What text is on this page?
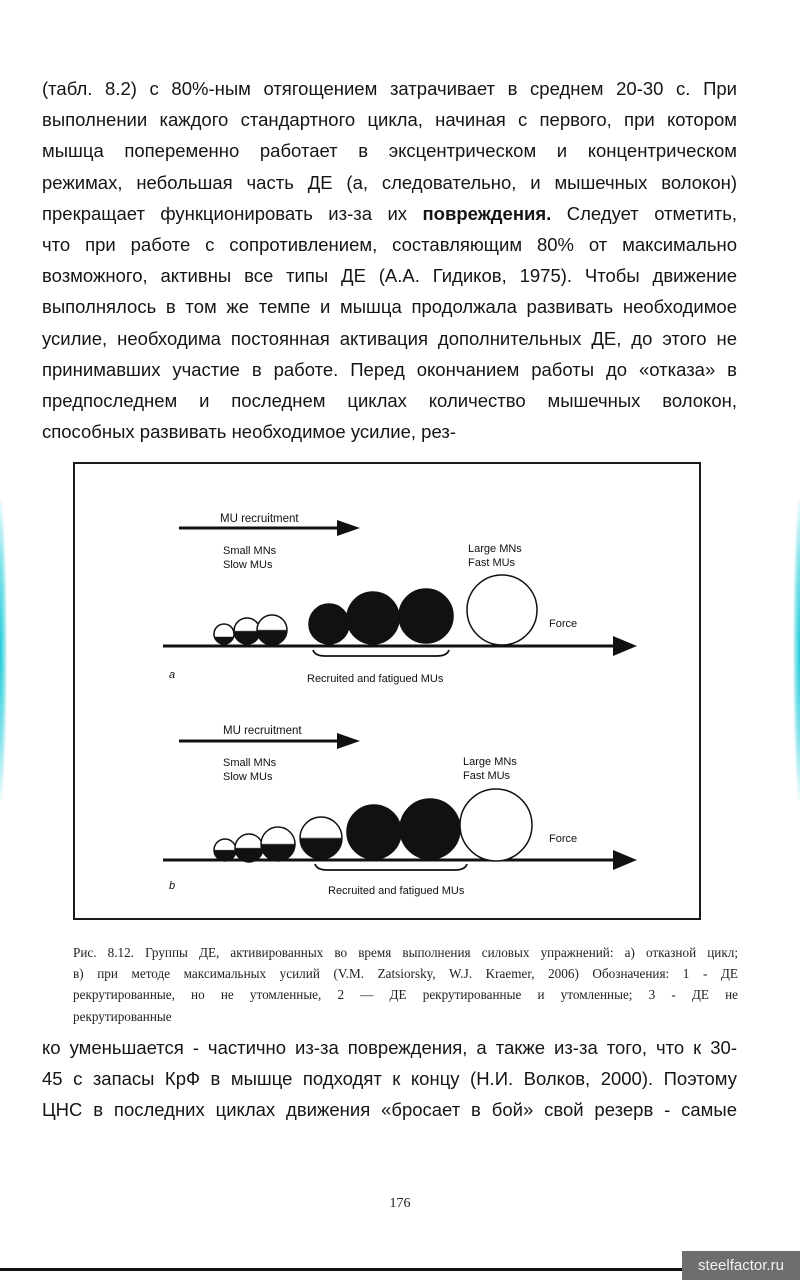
(табл. 8.2) с 80%-ным отягощением затрачивает в среднем 20-30 с. При
выполнении каждого стандартного цикла, начиная с первого, при котором
мышца попеременно работает в эксцентрическом и концентрическом
режимах, небольшая часть ДЕ (а, следовательно, и мышечных волокон)
прекращает функционировать из-за их повреждения. Следует отметить,
что при работе с сопротивлением, составляющим 80% от максимально
возможного, активны все типы ДЕ (А.А. Гидиков, 1975). Чтобы движение
выполнялось в том же темпе и мышца продолжала развивать необходимое
усилие, необходима постоянная активация дополнительных ДЕ, до этого не
принимавших участие в работе. Перед окончанием работы до «отказа» в
предпоследнем и последнем циклах количество мышечных волокон,
способных развивать необходимое усилие, рез-

MU recruitment
Small MNs
Slow MUs
Large MNs
Fast MUs
Force
a	Recruited and fatigued MUs
MU recruitment
Small MNs
Slow MUs
Large MNs
Fast MUs
Force
b	Recruited and fatigued MUs

Рис. 8.12. Группы ДЕ, активированных во время выполнения силовых упражнений: а) отказной цикл;
в) при методе максимальных усилий (V.M. Zatsiorsky, W.J. Kraemer, 2006) Обозначения: 1 - ДЕ
рекрутированные, но не утомленные, 2 — ДЕ рекрутированные и утомленные; 3 - ДЕ не
рекрутированные

ко уменьшается - частично из-за повреждения, а также из-за того, что к 30-
45 с запасы КрФ в мышце подходят к концу (Н.И. Волков, 2000). Поэтому
ЦНС в последних циклах движения «бросает в бой» свой резерв - самые

176
steelfactor.ru
